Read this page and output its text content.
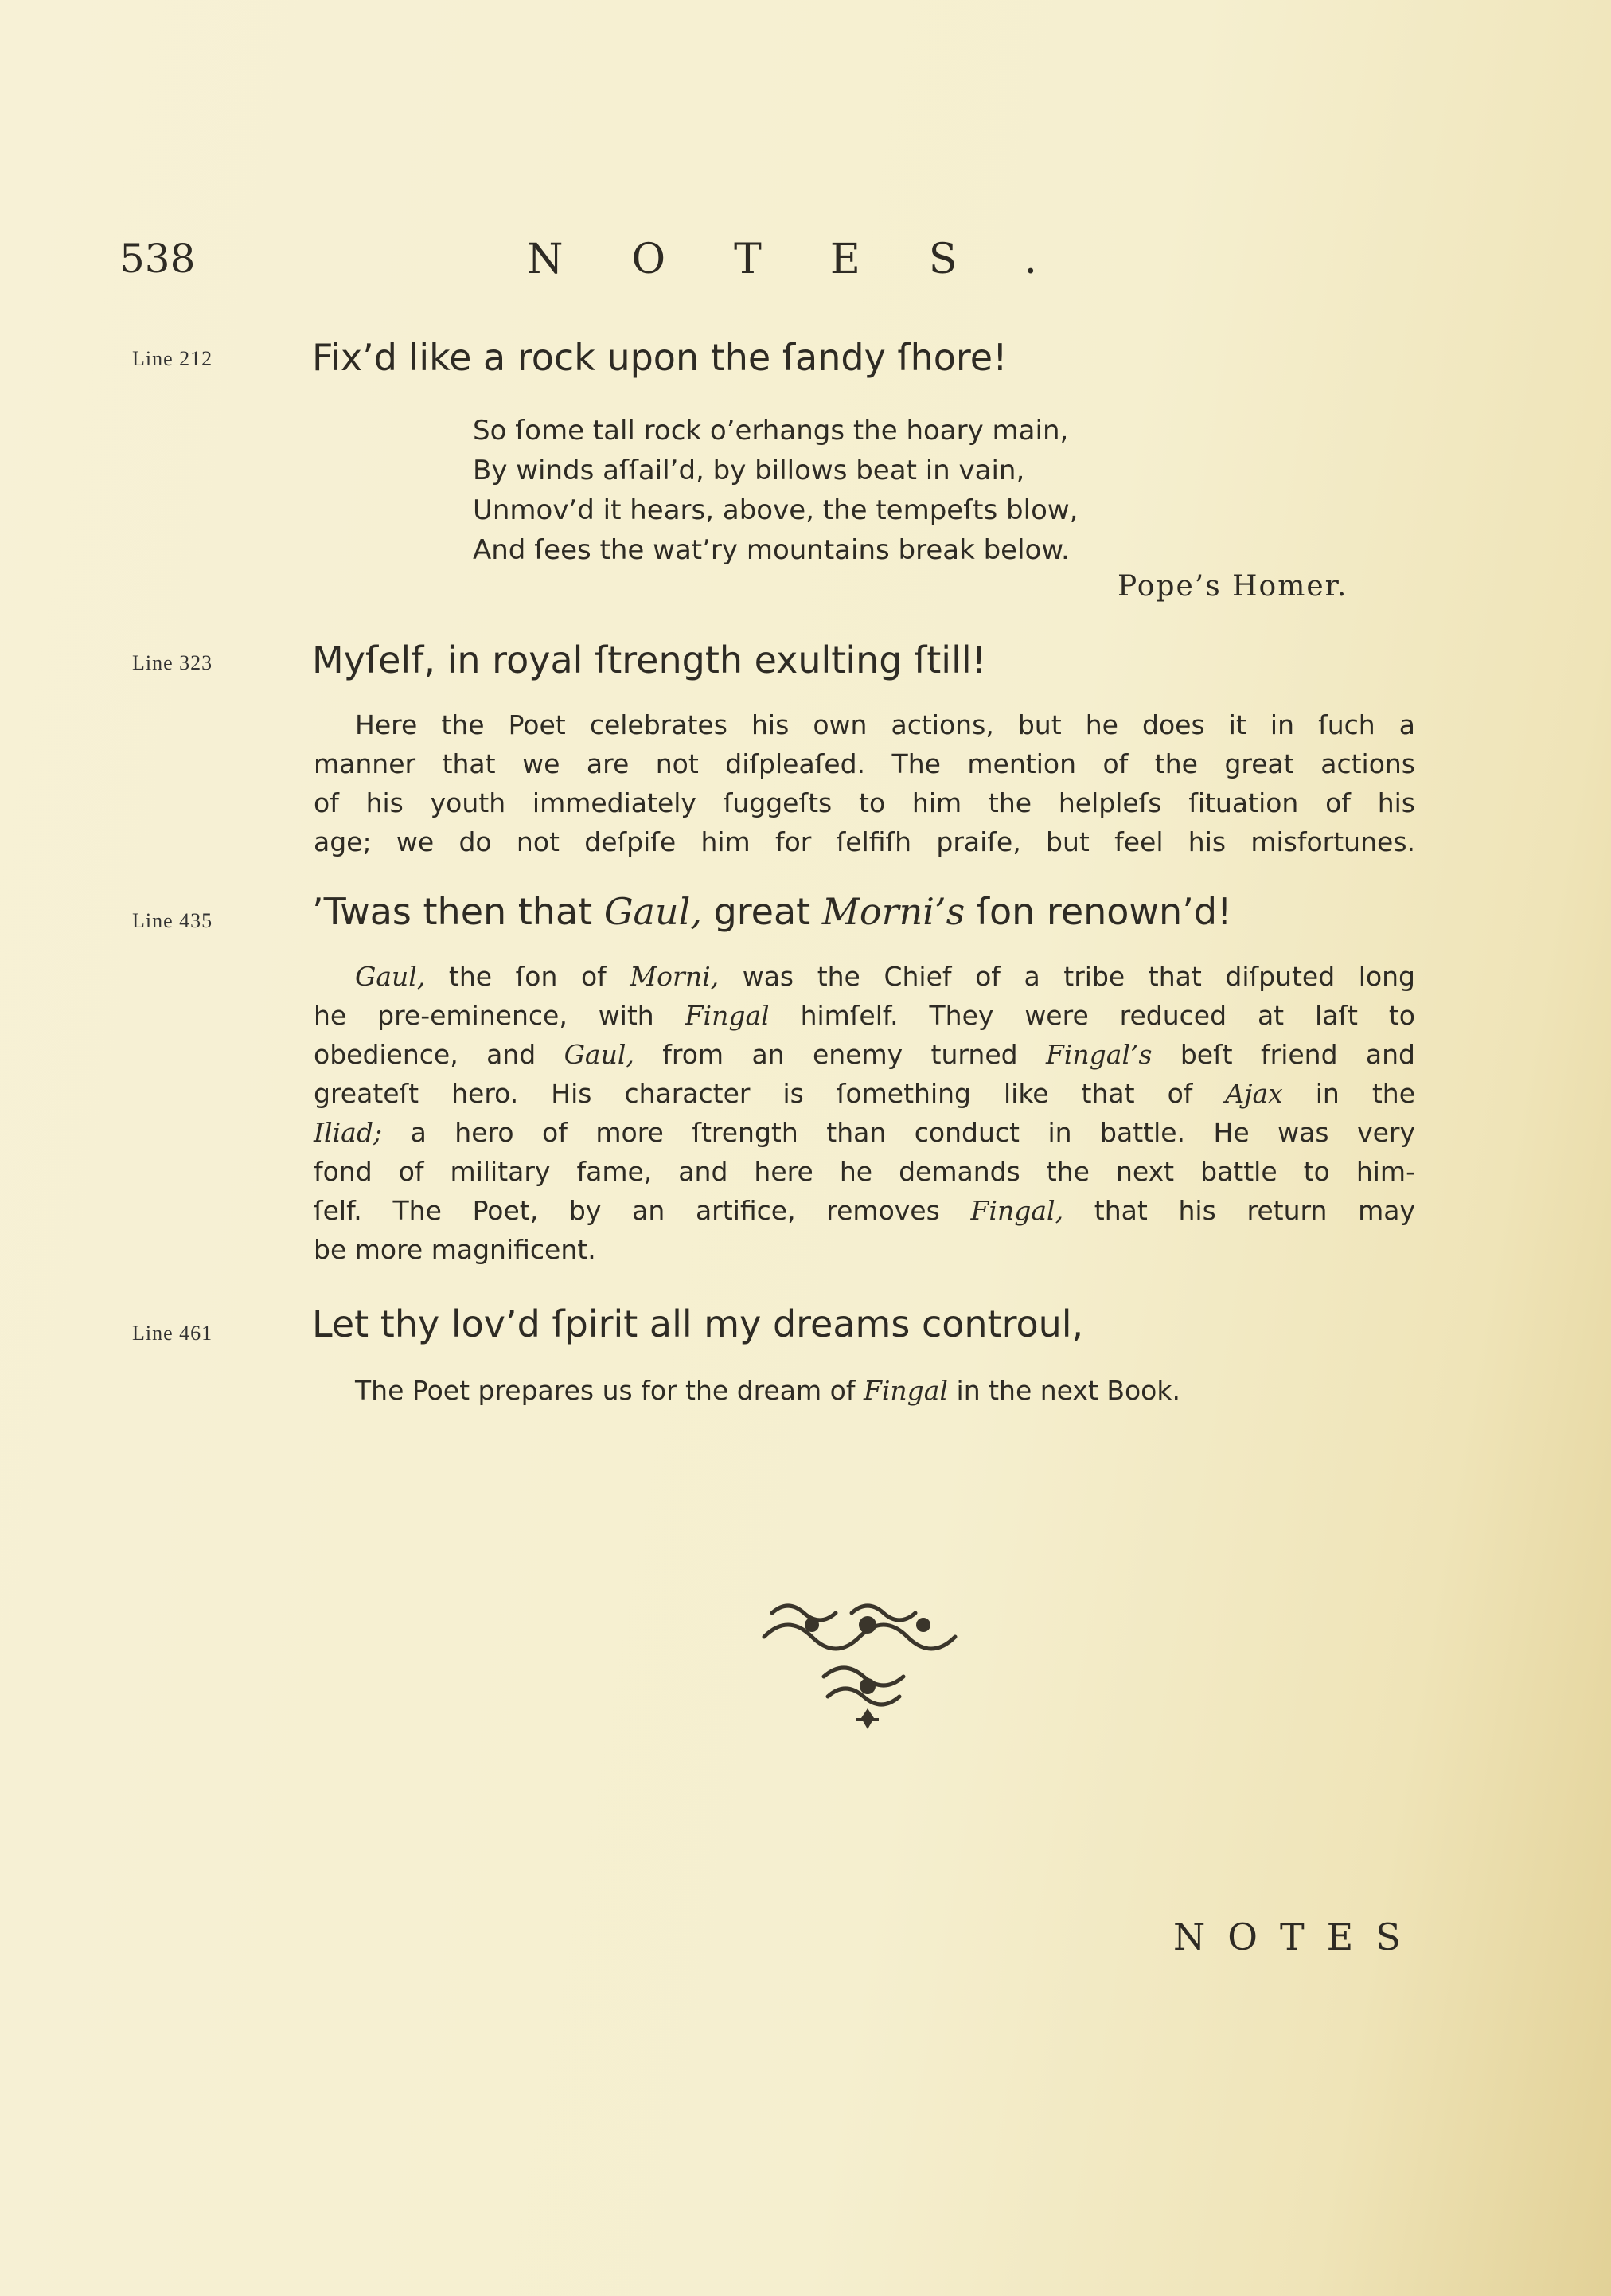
538	NOTES.
Line 212	Fix’d like a rock upon the ſandy ſhore!
So ſome tall rock o’erhangs the hoary main,
By winds aſſail’d, by billows beat in vain,
Unmov’d it hears, above, the tempeſts blow,
And ſees the wat’ry mountains break below.
Pope’s Homer.
Line 323	Myſelf, in royal ſtrength exulting ſtill!
Here the Poet celebrates his own actions, but he does it in ſuch a
manner that we are not diſpleaſed. The mention of the great actions
of his youth immediately ſuggeſts to him the helpleſs ſituation of his
age; we do not deſpiſe him for ſelfiſh praiſe, but feel his misfortunes.
Line 435	’Twas then that Gaul, great Morni’s ſon renown’d!
Gaul, the ſon of Morni, was the Chief of a tribe that diſputed long
he pre-eminence, with Fingal himſelf. They were reduced at laſt to
obedience, and Gaul, from an enemy turned Fingal’s beſt friend and
greateſt hero. His character is ſomething like that of Ajax in the
Iliad; a hero of more ſtrength than conduct in battle. He was very
fond of military fame, and here he demands the next battle to him-
ſelf. The Poet, by an artifice, removes Fingal, that his return may
be more magnificent.
Line 461	Let thy lov’d ſpirit all my dreams controul,
The Poet prepares us for the dream of Fingal in the next Book.
NOTES
